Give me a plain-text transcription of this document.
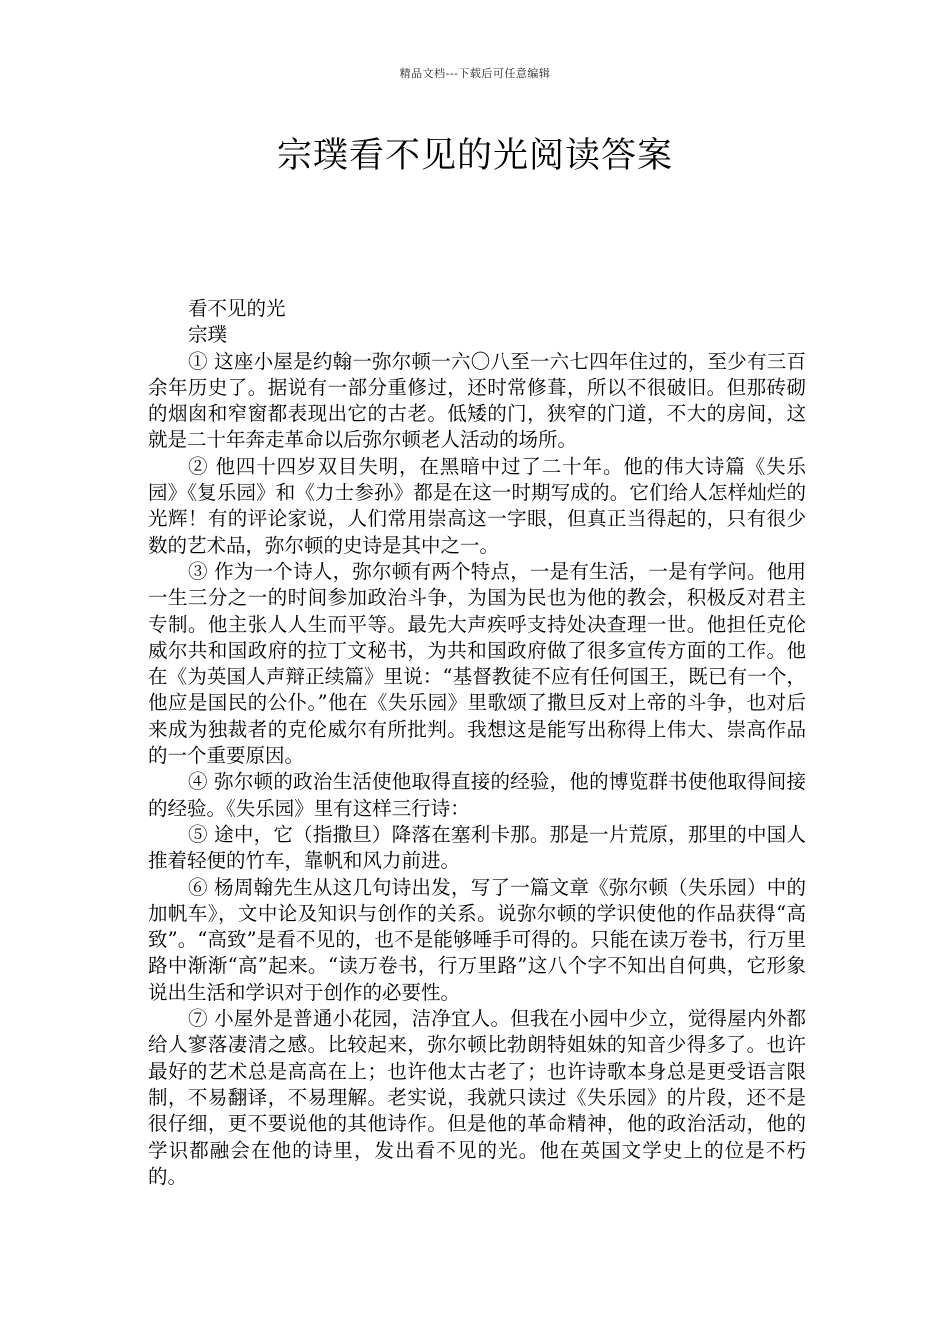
精品文档---下载后可任意编辑
宗璞看不见的光阅读答案

看不见的光

宗璞

① 这座小屋是约翰一弥尔顿一六〇八至一六七四年住过的，至少有三百余年历史了。据说有一部分重修过，还时常修葺，所以不很破旧。但那砖砌的烟囱和窄窗都表现出它的古老。低矮的门，狭窄的门道，不大的房间，这就是二十年奔走革命以后弥尔顿老人活动的场所。

② 他四十四岁双目失明，在黑暗中过了二十年。他的伟大诗篇《失乐园》《复乐园》和《力士参孙》都是在这一时期写成的。它们给人怎样灿烂的光辉！有的评论家说，人们常用崇高这一字眼，但真正当得起的，只有很少数的艺术品，弥尔顿的史诗是其中之一。

③ 作为一个诗人，弥尔顿有两个特点，一是有生活，一是有学问。他用一生三分之一的时间参加政治斗争，为国为民也为他的教会，积极反对君主专制。他主张人人生而平等。最先大声疾呼支持处决查理一世。他担任克伦威尔共和国政府的拉丁文秘书，为共和国政府做了很多宣传方面的工作。他在《为英国人声辩正续篇》里说：“基督教徒不应有任何国王，既已有一个，他应是国民的公仆。”他在《失乐园》里歌颂了撒旦反对上帝的斗争，也对后来成为独裁者的克伦威尔有所批判。我想这是能写出称得上伟大、崇高作品的一个重要原因。

④ 弥尔顿的政治生活使他取得直接的经验，他的博览群书使他取得间接的经验。《失乐园》里有这样三行诗：

⑤ 途中，它（指撒旦）降落在塞利卡那。那是一片荒原，那里的中国人推着轻便的竹车，靠帆和风力前进。

⑥ 杨周翰先生从这几句诗出发，写了一篇文章《弥尔顿（失乐园）中的加帆车》，文中论及知识与创作的关系。说弥尔顿的学识使他的作品获得“高致”。“高致”是看不见的，也不是能够唾手可得的。只能在读万卷书，行万里路中渐渐“高”起来。“读万卷书，行万里路”这八个字不知出自何典，它形象说出生活和学识对于创作的必要性。

⑦ 小屋外是普通小花园，洁净宜人。但我在小园中少立，觉得屋内外都给人寥落凄清之感。比较起来，弥尔顿比勃朗特姐妹的知音少得多了。也许最好的艺术总是高高在上；也许他太古老了；也许诗歌本身总是更受语言限制，不易翻译，不易理解。老实说，我就只读过《失乐园》的片段，还不是很仔细，更不要说他的其他诗作。但是他的革命精神，他的政治活动，他的学识都融会在他的诗里，发出看不见的光。他在英国文学史上的位是不朽的。
